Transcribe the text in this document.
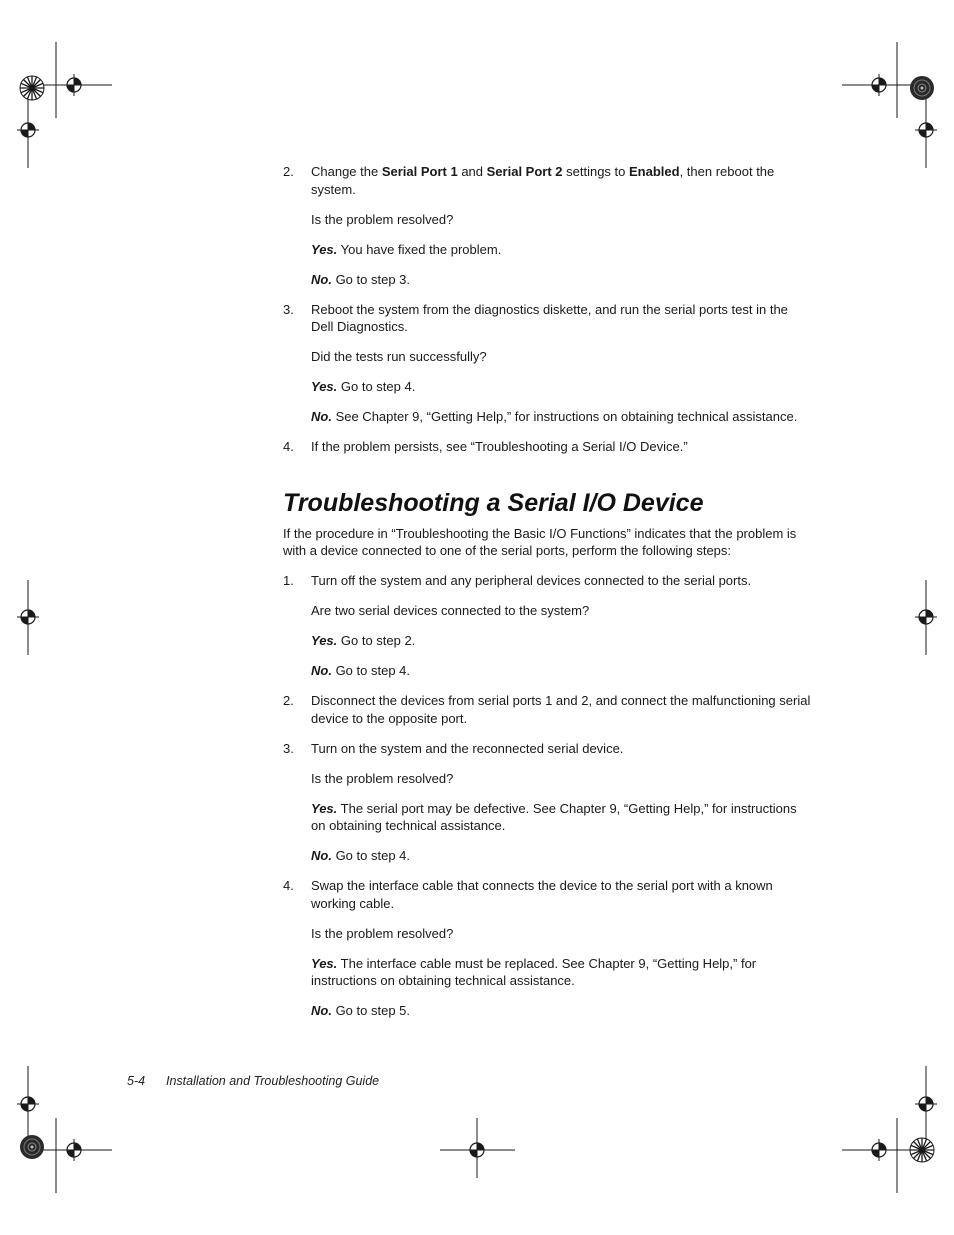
2. Change the Serial Port 1 and Serial Port 2 settings to Enabled, then reboot the system.

Is the problem resolved?

Yes. You have fixed the problem.

No. Go to step 3.

3. Reboot the system from the diagnostics diskette, and run the serial ports test in the Dell Diagnostics.

Did the tests run successfully?

Yes. Go to step 4.

No. See Chapter 9, “Getting Help,” for instructions on obtaining technical assistance.

4. If the problem persists, see “Troubleshooting a Serial I/O Device.”
Troubleshooting a Serial I/O Device

If the procedure in “Troubleshooting the Basic I/O Functions” indicates that the problem is with a device connected to one of the serial ports, perform the following steps:

1. Turn off the system and any peripheral devices connected to the serial ports.

Are two serial devices connected to the system?

Yes. Go to step 2.

No. Go to step 4.

2. Disconnect the devices from serial ports 1 and 2, and connect the malfunctioning serial device to the opposite port.
3. Turn on the system and the reconnected serial device.

Is the problem resolved?

Yes. The serial port may be defective. See Chapter 9, “Getting Help,” for instructions on obtaining technical assistance.

No. Go to step 4.

4. Swap the interface cable that connects the device to the serial port with a known working cable.

Is the problem resolved?

Yes. The interface cable must be replaced. See Chapter 9, “Getting Help,” for instructions on obtaining technical assistance.

No. Go to step 5.

5-4 Installation and Troubleshooting Guide
